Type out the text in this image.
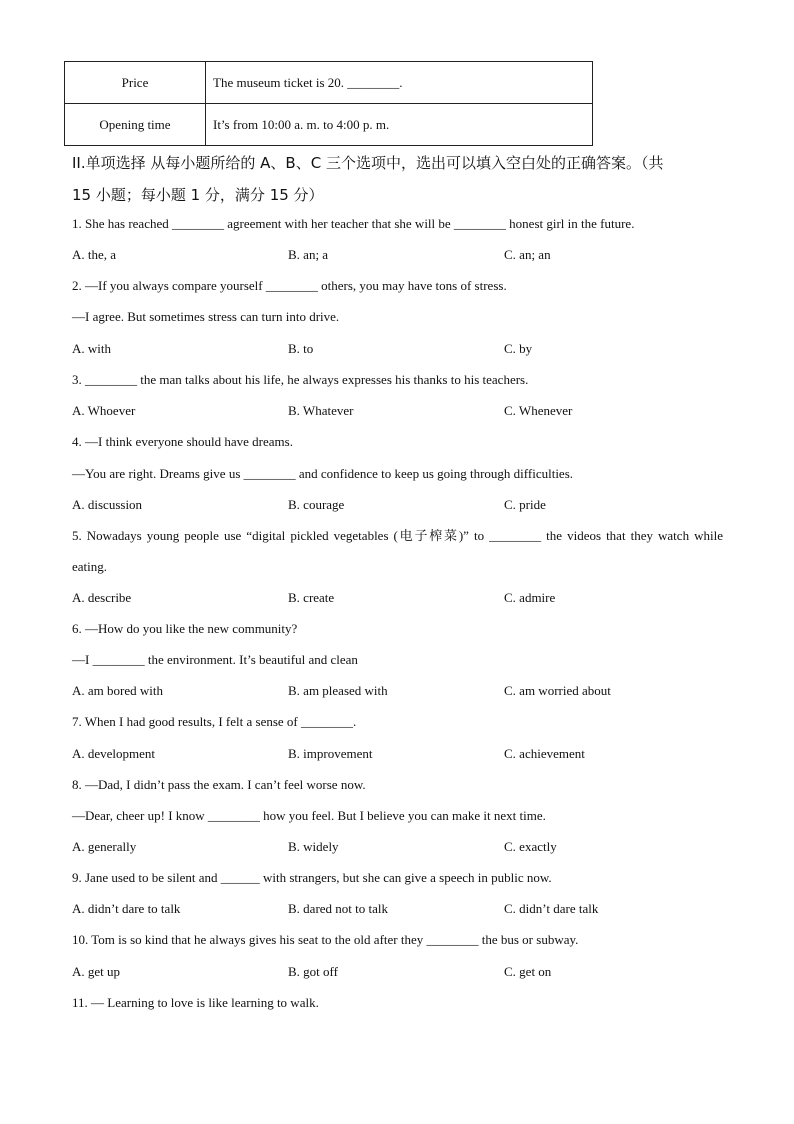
Price	The museum ticket is 20. ________.
Opening time	It’s from 10:00 a. m. to 4:00 p. m.
II.单项选择 从每小题所给的 A、B、C 三个选项中，选出可以填入空白处的正确答案。（共
15 小题；每小题 1 分，满分 15 分）
1. She has reached ________ agreement with her teacher that she will be ________ honest girl in the future.
A. the, a	B. an; a	C. an; an
2. —If you always compare yourself ________ others, you may have tons of stress.
—I agree. But sometimes stress can turn into drive.
A. with	B. to	C. by
3. ________ the man talks about his life, he always expresses his thanks to his teachers.
A. Whoever	B. Whatever	C. Whenever
4. —I think everyone should have dreams.
—You are right. Dreams give us ________ and confidence to keep us going through difficulties.
A. discussion	B. courage	C. pride
5. Nowadays young people use “digital pickled vegetables (电子榨菜)” to ________ the videos that they watch while eating.
A. describe	B. create	C. admire
6. —How do you like the new community?
—I ________ the environment. It’s beautiful and clean
A. am bored with	B. am pleased with	C. am worried about
7. When I had good results, I felt a sense of ________.
A. development	B. improvement	C. achievement
8. —Dad, I didn’t pass the exam. I can’t feel worse now.
—Dear, cheer up! I know ________ how you feel. But I believe you can make it next time.
A. generally	B. widely	C. exactly
9. Jane used to be silent and ______ with strangers, but she can give a speech in public now.
A. didn’t dare to talk	B. dared not to talk	C. didn’t dare talk
10. Tom is so kind that he always gives his seat to the old after they ________ the bus or subway.
A. get up	B. got off	C. get on
11. — Learning to love is like learning to walk.
